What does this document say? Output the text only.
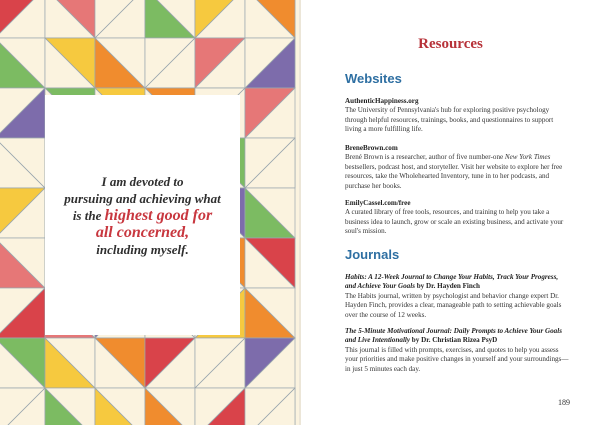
I am devoted to
pursuing and achieving what
is the highest good for
all concerned,
including myself.
Resources
Websites
AuthenticHappiness.org
The University of Pennsylvania's hub for exploring positive psychology through helpful resources, trainings, books, and questionnaires to support living a more fulfilling life.
BreneBrown.com
Brené Brown is a researcher, author of five number-one New York Times bestsellers, podcast host, and storyteller. Visit her website to explore her free resources, take the Wholehearted Inventory, tune in to her podcasts, and purchase her books.
EmilyCassel.com/free
A curated library of free tools, resources, and training to help you take a business idea to launch, grow or scale an existing business, and activate your soul's mission.
Journals
Habits: A 12-Week Journal to Change Your Habits, Track Your Progress, and Achieve Your Goals by Dr. Hayden Finch
The Habits journal, written by psychologist and behavior change expert Dr. Hayden Finch, provides a clear, manageable path to setting achievable goals over the course of 12 weeks.
The 5-Minute Motivational Journal: Daily Prompts to Achieve Your Goals and Live Intentionally by Dr. Christian Rizea PsyD
This journal is filled with prompts, exercises, and quotes to help you assess your priorities and make positive changes in yourself and your surroundings—in just 5 minutes each day.
189
